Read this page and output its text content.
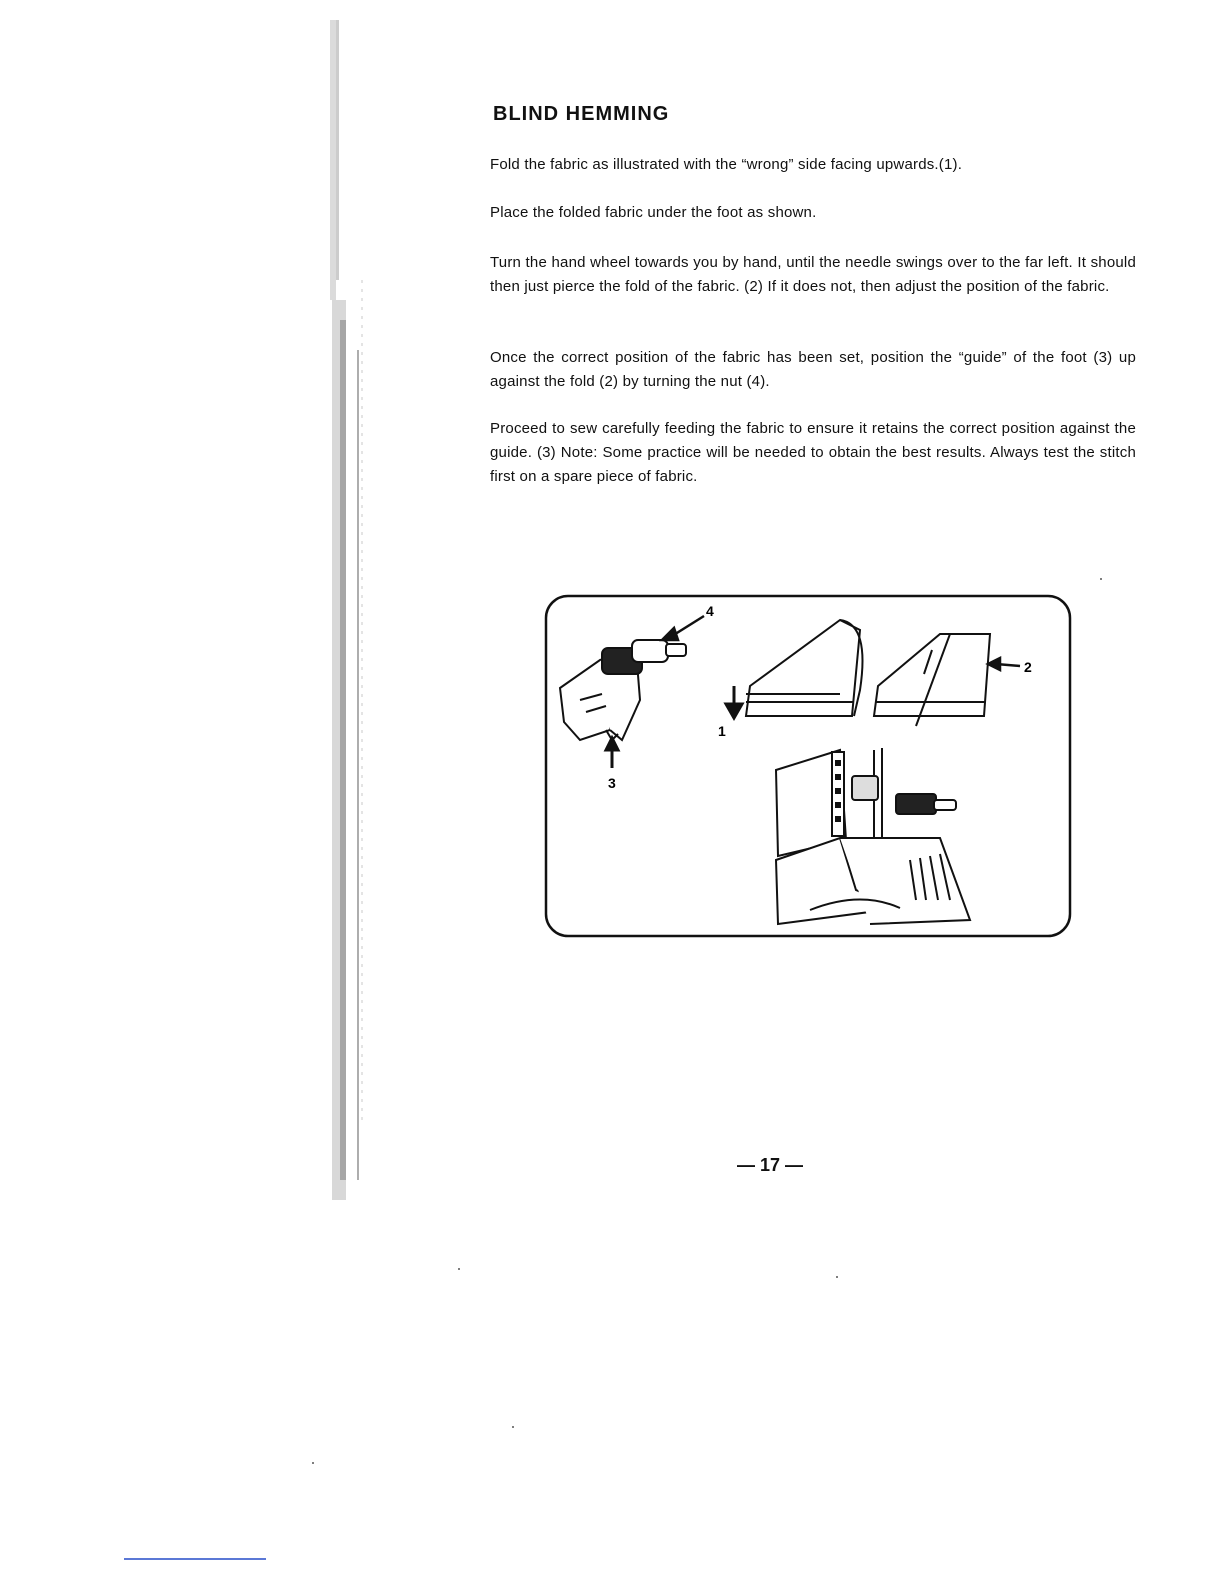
BLIND HEMMING

Fold the fabric as illustrated with the “wrong” side facing upwards.(1).

Place the folded fabric under the foot as shown.

Turn the hand wheel towards you by hand, until the needle swings over to the far left. It should then just pierce the fold of the fabric. (2) If it does not, then adjust the position of the fabric.

Once the correct position of the fabric has been set, position the “guide” of the foot (3) up against the fold (2) by turning the nut (4).

Proceed to sew carefully feeding the fabric to ensure it retains the correct position against the guide. (3) Note: Some practice will be needed to obtain the best results. Always test the stitch first on a spare piece of fabric.

4
1
2
3

— 17 —
